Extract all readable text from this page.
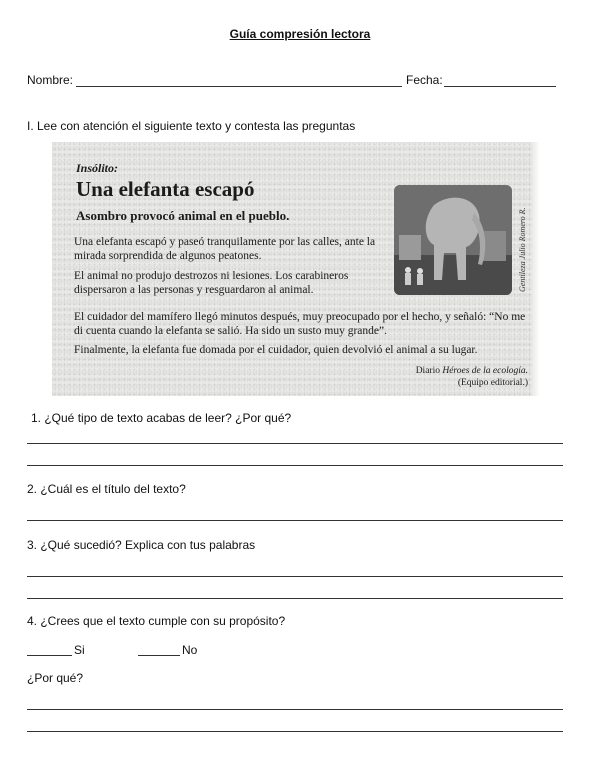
Guía compresión lectora
Nombre:	Fecha:
I. Lee con atención el siguiente texto y contesta las preguntas
Insólito:
Una elefanta escapó
Asombro provocó animal en el pueblo.
Una elefanta escapó y paseó tranquilamente por las calles, ante la mirada sorprendida de algunos peatones.
El animal no produjo destrozos ni lesiones. Los carabineros dispersaron a las personas y resguardaron al animal.
El cuidador del mamífero llegó minutos después, muy preocupado por el hecho, y señaló: “No me di cuenta cuando la elefanta se salió. Ha sido un susto muy grande”.
Finalmente, la elefanta fue domada por el cuidador, quien devolvió el animal a su lugar.
Diario Héroes de la ecología.
(Equipo editorial.)
Gentileza Julio Romero R.
1. ¿Qué tipo de texto acabas de leer? ¿Por qué?
2. ¿Cuál es el título del texto?
3. ¿Qué sucedió? Explica con tus palabras
4. ¿Crees que el texto cumple con su propósito?
Si	No
¿Por qué?
